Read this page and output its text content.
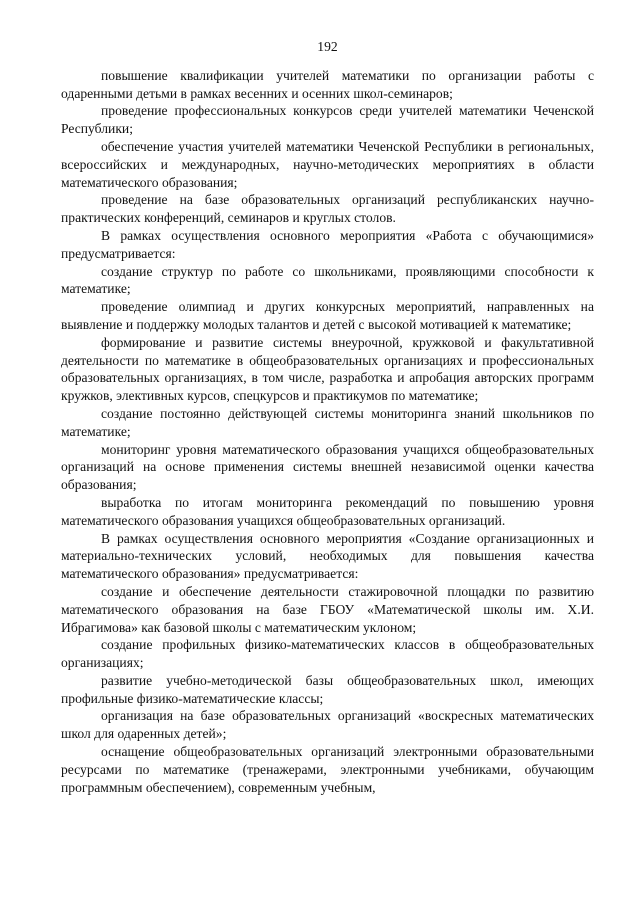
192

повышение квалификации учителей математики по организации работы с одаренными детьми в рамках весенних и осенних школ-семинаров;

проведение профессиональных конкурсов среди учителей математики Чеченской Республики;

обеспечение участия учителей математики Чеченской Республики в региональных, всероссийских и международных, научно-методических мероприятиях в области математического образования;

проведение на базе образовательных организаций республиканских научно-практических конференций, семинаров и круглых столов.

В рамках осуществления основного мероприятия «Работа с обучающимися» предусматривается:

создание структур по работе со школьниками, проявляющими способности к математике;

проведение олимпиад и других конкурсных мероприятий, направленных на выявление и поддержку молодых талантов и детей с высокой мотивацией к математике;

формирование и развитие системы внеурочной, кружковой и факультативной деятельности по математике в общеобразовательных организациях и профессиональных образовательных организациях, в том числе, разработка и апробация авторских программ кружков, элективных курсов, спецкурсов и практикумов по математике;

создание постоянно действующей системы мониторинга знаний школьников по математике;

мониторинг уровня математического образования учащихся общеобразовательных организаций на основе применения системы внешней независимой оценки качества образования;

выработка по итогам мониторинга рекомендаций по повышению уровня математического образования учащихся общеобразовательных организаций.

В рамках осуществления основного мероприятия «Создание организационных и материально-технических условий, необходимых для повышения качества математического образования» предусматривается:

создание и обеспечение деятельности стажировочной площадки по развитию математического образования на базе ГБОУ «Математической школы им. Х.И. Ибрагимова» как базовой школы с математическим уклоном;

создание профильных физико-математических классов в общеобразовательных организациях;

развитие учебно-методической базы общеобразовательных школ, имеющих профильные физико-математические классы;

организация на базе образовательных организаций «воскресных математических школ для одаренных детей»;

оснащение общеобразовательных организаций электронными образовательными ресурсами по математике (тренажерами, электронными учебниками, обучающим программным обеспечением), современным учебным,
